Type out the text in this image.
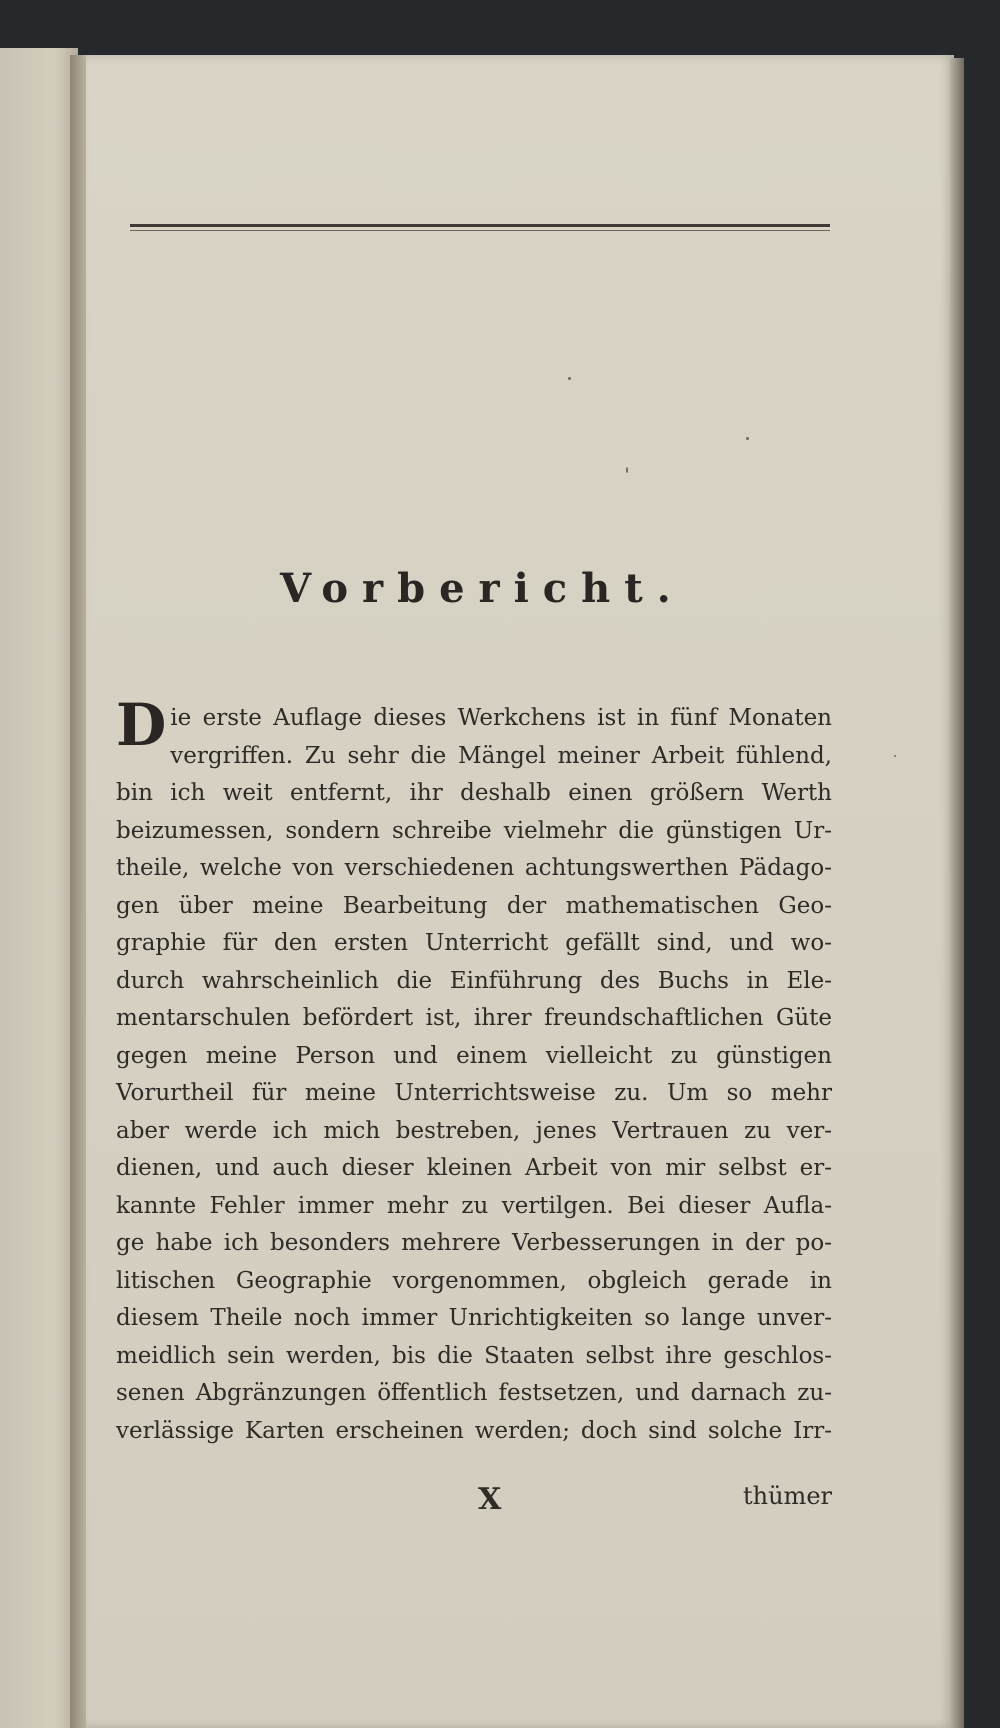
Vorbericht.
D ie erste Auflage dieses Werkchens ist in fünf Monaten
vergriffen. Zu sehr die Mängel meiner Arbeit fühlend,
bin ich weit entfernt, ihr deshalb einen größern Werth
beizumessen, sondern schreibe vielmehr die günstigen Ur-
theile, welche von verschiedenen achtungswerthen Pädago-
gen über meine Bearbeitung der mathematischen Geo-
graphie für den ersten Unterricht gefällt sind, und wo-
durch wahrscheinlich die Einführung des Buchs in Ele-
mentarschulen befördert ist, ihrer freundschaftlichen Güte
gegen meine Person und einem vielleicht zu günstigen
Vorurtheil für meine Unterrichtsweise zu. Um so mehr
aber werde ich mich bestreben, jenes Vertrauen zu ver-
dienen, und auch dieser kleinen Arbeit von mir selbst er-
kannte Fehler immer mehr zu vertilgen. Bei dieser Aufla-
ge habe ich besonders mehrere Verbesserungen in der po-
litischen Geographie vorgenommen, obgleich gerade in
diesem Theile noch immer Unrichtigkeiten so lange unver-
meidlich sein werden, bis die Staaten selbst ihre geschlos-
senen Abgränzungen öffentlich festsetzen, und darnach zu-
verlässige Karten erscheinen werden; doch sind solche Irr-
X	thümer
